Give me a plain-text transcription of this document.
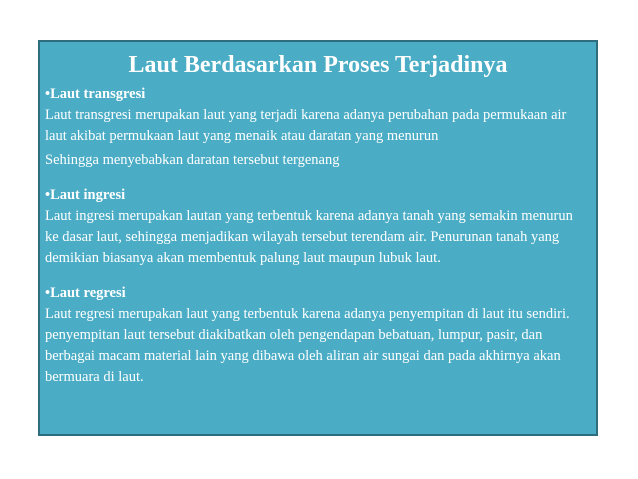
Laut Berdasarkan Proses Terjadinya

•Laut transgresi

Laut transgresi merupakan laut yang terjadi karena adanya perubahan pada permukaan air laut akibat permukaan laut yang menaik atau daratan yang menurun

Sehingga menyebabkan daratan tersebut tergenang

•Laut ingresi

Laut ingresi merupakan lautan yang terbentuk karena adanya tanah yang semakin menurun ke dasar laut, sehingga menjadikan wilayah tersebut terendam air. Penurunan tanah yang demikian biasanya akan membentuk palung laut maupun lubuk laut.

•Laut regresi

Laut regresi merupakan laut yang terbentuk karena adanya penyempitan di laut itu sendiri. penyempitan laut tersebut diakibatkan oleh pengendapan bebatuan, lumpur, pasir, dan berbagai macam material lain yang dibawa oleh aliran air sungai dan pada akhirnya akan bermuara di laut.
